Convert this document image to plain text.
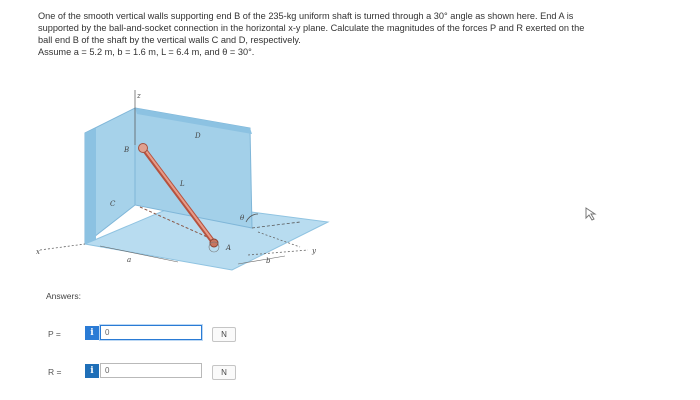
One of the smooth vertical walls supporting end B of the 235-kg uniform shaft is turned through a 30° angle as shown here. End A is

supported by the ball-and-socket connection in the horizontal x-y plane. Calculate the magnitudes of the forces P and R exerted on the

ball end B of the shaft by the vertical walls C and D, respectively.

Assume a = 5.2 m, b = 1.6 m, L = 6.4 m, and θ = 30°.

z
x	y
B
C
D
L
A
a	b
θ
Answers:
P =	i
0	N
R =	i
0	N
